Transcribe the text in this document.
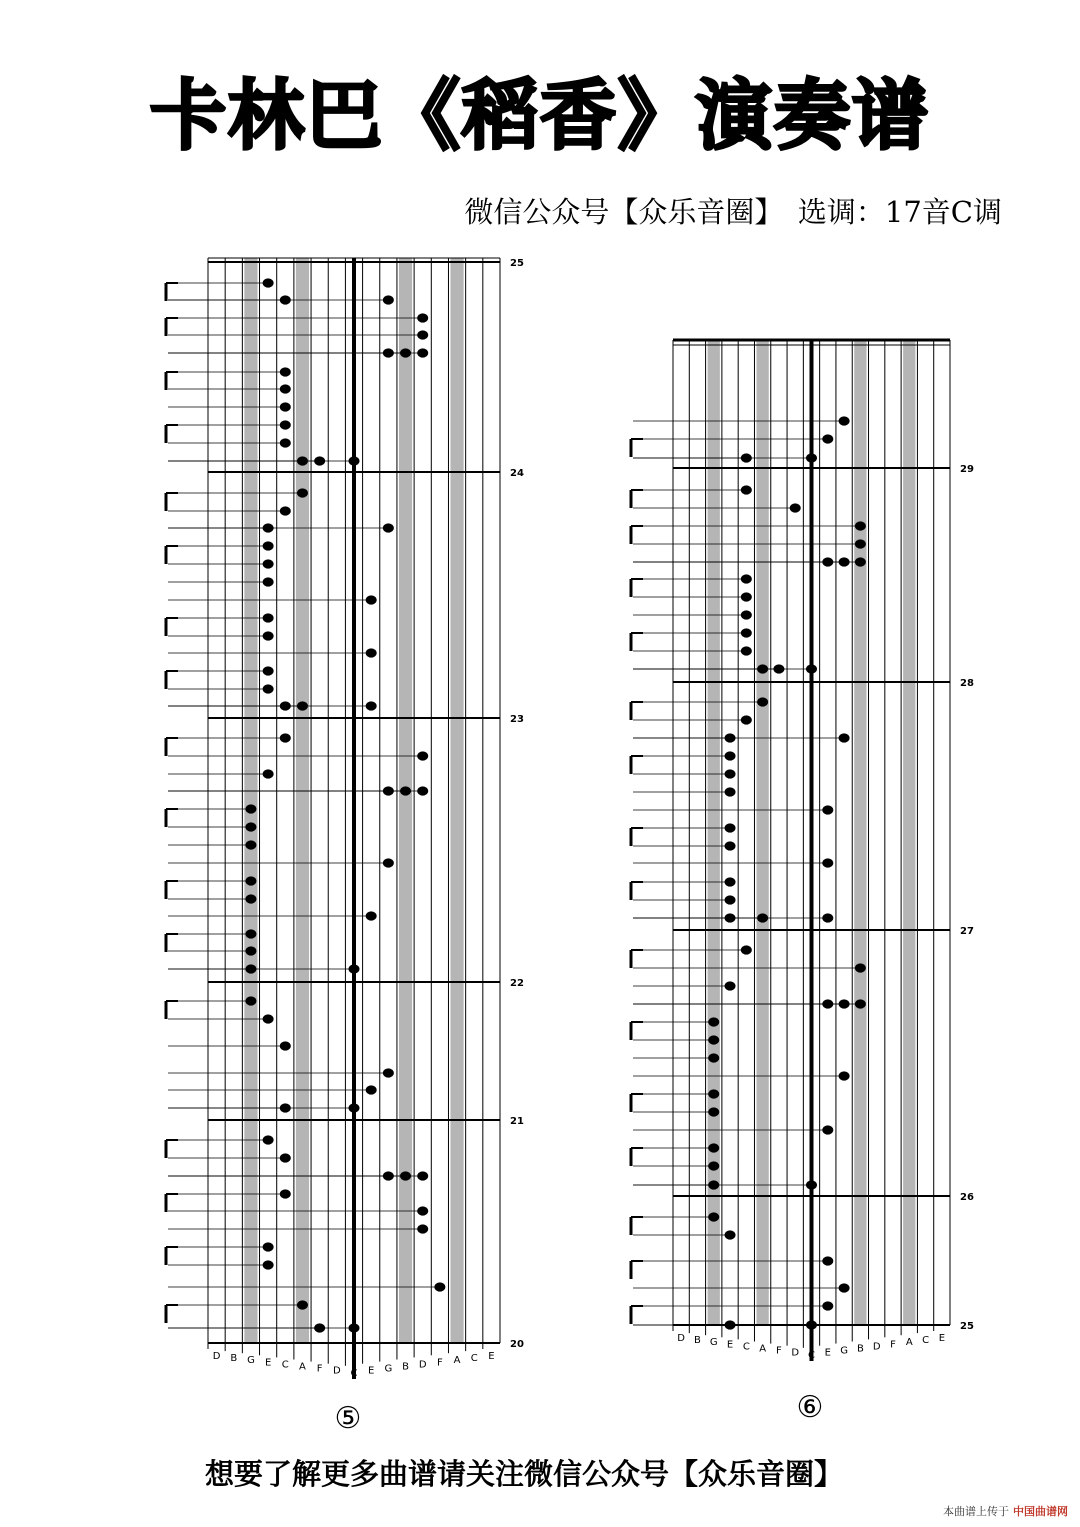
卡林巴《稻香》演奏谱
微信公众号【众乐音圈】　选调：17音C调
25
24
23
22
21
20
D B G E C A F D C E G B D F A C E
⑤
29
28
27
26
25
D B G E C A F D C E G B D F A C E
⑥
想要了解更多曲谱请关注微信公众号【众乐音圈】
本曲谱上传于 中国曲谱网
